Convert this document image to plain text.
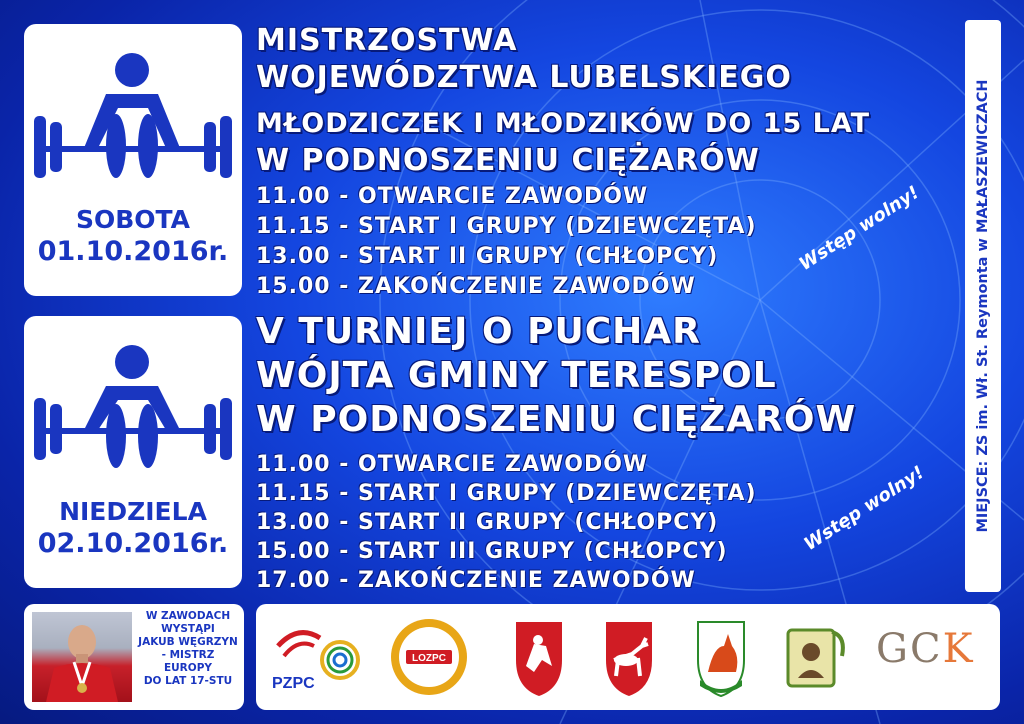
SOBOTA
01.10.2016r.
NIEDZIELA
02.10.2016r.
MISTRZOSTWA
WOJEWÓDZTWA LUBELSKIEGO
MŁODZICZEK I MŁODZIKÓW DO 15 LAT
W PODNOSZENIU CIĘŻARÓW
11.00 - OTWARCIE ZAWODÓW
11.15 - START I GRUPY (DZIEWCZĘTA)
13.00 - START II GRUPY (CHŁOPCY)
15.00 - ZAKOŃCZENIE ZAWODÓW
Wstęp wolny!
V TURNIEJ O PUCHAR
WÓJTA GMINY TERESPOL
W PODNOSZENIU CIĘŻARÓW
11.00 - OTWARCIE ZAWODÓW
11.15 - START I GRUPY (DZIEWCZĘTA)
13.00 - START II GRUPY (CHŁOPCY)
15.00 - START III GRUPY (CHŁOPCY)
17.00 - ZAKOŃCZENIE ZAWODÓW
Wstęp wolny!	MIEJSCE: ZS im. Wł. St. Reymonta w MAŁASZEWICZACH
W ZAWODACH
WYSTĄPI
JAKUB WĘGRZYN
- MISTRZ EUROPY
DO LAT 17-STU	PZPC
LOZPC	GCK
